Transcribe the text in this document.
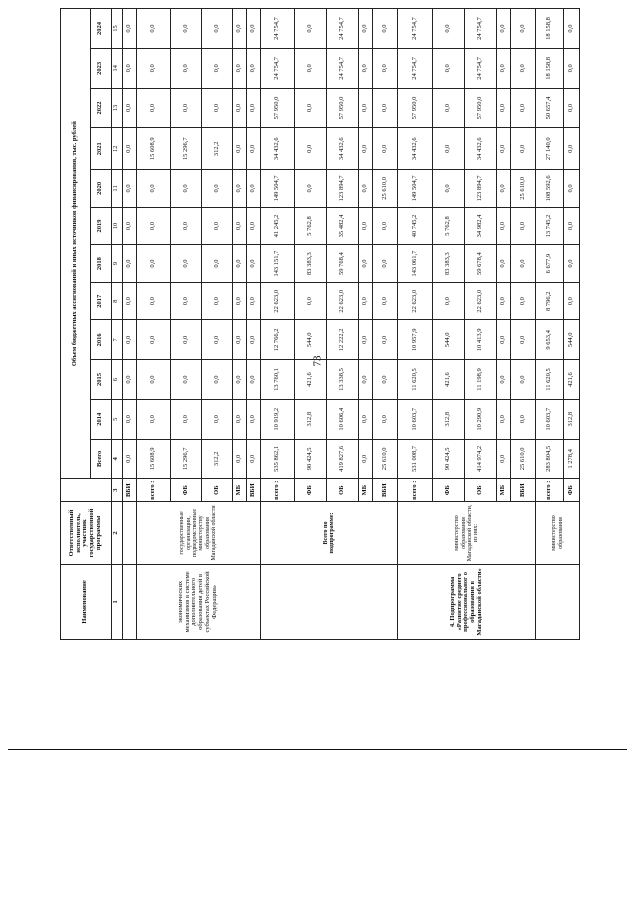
73
Наименование	Ответственный исполнитель, участник государственной программы		Объем бюджетных ассигнований и иных источников финансирования, тыс. рублей											
			Всего	2014	2015	2016	2017	2018	2019	2020	2021	2022	2023	2024
1	2	3	4	5	6	7	8	9	10	11	12	13	14	15
		ВБИ	0,0	0,0	0,0	0,0	0,0	0,0	0,0	0,0	0,0	0,0	0,0	0,0
экономических механизмов в системе дополнительного образования детей в субъектах Российской Федерации»	государственные организации, подведомственные министерству образования Магаданской области	всего :	15 608,9	0,0	0,0	0,0	0,0	0,0	0,0	0,0	15 608,9	0,0	0,0	0,0
		ФБ	15 296,7	0,0	0,0	0,0	0,0	0,0	0,0	0,0	15 296,7	0,0	0,0	0,0
		ОБ	312,2	0,0	0,0	0,0	0,0	0,0	0,0	0,0	312,2	0,0	0,0	0,0
		МБ	0,0	0,0	0,0	0,0	0,0	0,0	0,0	0,0	0,0	0,0	0,0	0,0
		ВБИ	0,0	0,0	0,0	0,0	0,0	0,0	0,0	0,0	0,0	0,0	0,0	0,0
	Всего по подпрограмме:	всего :	535 862,1	10 919,2	13 760,1	12 766,2	22 623,0	143 151,7	41 245,2	149 504,7	34 432,6	57 950,0	24 754,7	24 754,7
		ФБ	90 424,5	312,8	421,6	544,0	0,0	83 383,3	5 762,8	0,0	0,0	0,0	0,0	0,0
		ОБ	419 827,6	10 606,4	13 338,5	12 222,2	22 623,0	59 768,4	35 482,4	123 894,7	34 432,6	57 950,0	24 754,7	24 754,7
		МБ	0,0	0,0	0,0	0,0	0,0	0,0	0,0	0,0	0,0	0,0	0,0	0,0
		ВБИ	25 610,0	0,0	0,0	0,0	0,0	0,0	0,0	25 610,0	0,0	0,0	0,0	0,0
4. Подпрограмма «Развитие среднего профессиональног о образования в Магаданской области»	министерство образования Магаданской области, из них:	всего :	531 008,7	10 603,7	11 620,5	10 957,9	22 623,0	143 061,7	40 745,2	149 504,7	34 432,6	57 950,0	24 754,7	24 754,7
		ФБ	90 424,5	312,8	421,6	544,0	0,0	83 383,3	5 762,8	0,0	0,0	0,0	0,0	0,0
		ОБ	414 974,2	10 290,9	11 198,9	10 413,9	22 623,0	59 678,4	34 982,4	123 894,7	34 432,6	57 950,0	24 754,7	24 754,7
		МБ	0,0	0,0	0,0	0,0	0,0	0,0	0,0	0,0	0,0	0,0	0,0	0,0
		ВБИ	25 610,0	0,0	0,0	0,0	0,0	0,0	0,0	25 610,0	0,0	0,0	0,0	0,0
	министерство образования	всего :	283 804,5	10 603,7	11 620,5	9 653,4	8 796,2	6 677,9	13 745,2	108 592,6	27 140,0	50 657,4	18 158,8	18 158,8
		ФБ	1 278,4	312,8	421,6	544,0	0,0	0,0	0,0	0,0	0,0	0,0	0,0	0,0
